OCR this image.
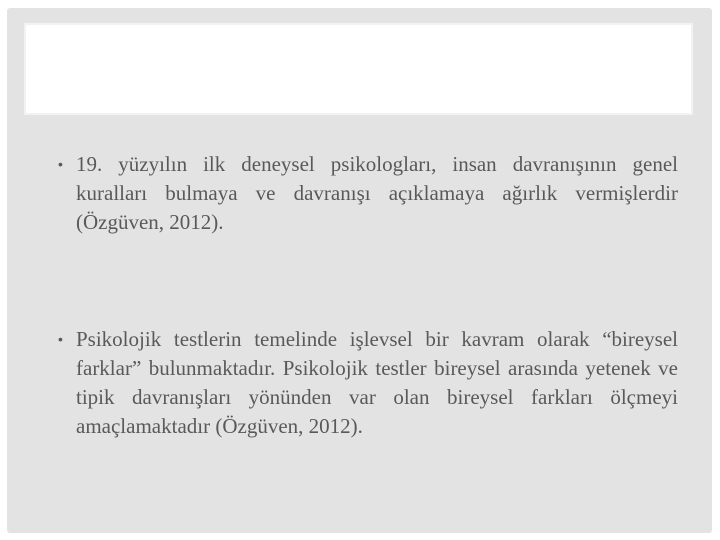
• 19. yüzyılın ilk deneysel psikologları, insan davranışının genel kuralları bulmaya ve davranışı açıklamaya ağırlık vermişlerdir (Özgüven, 2012).

• Psikolojik testlerin temelinde işlevsel bir kavram olarak “bireysel farklar” bulunmaktadır. Psikolojik testler bireysel arasında yetenek ve tipik davranışları yönünden var olan bireysel farkları ölçmeyi amaçlamaktadır (Özgüven, 2012).
